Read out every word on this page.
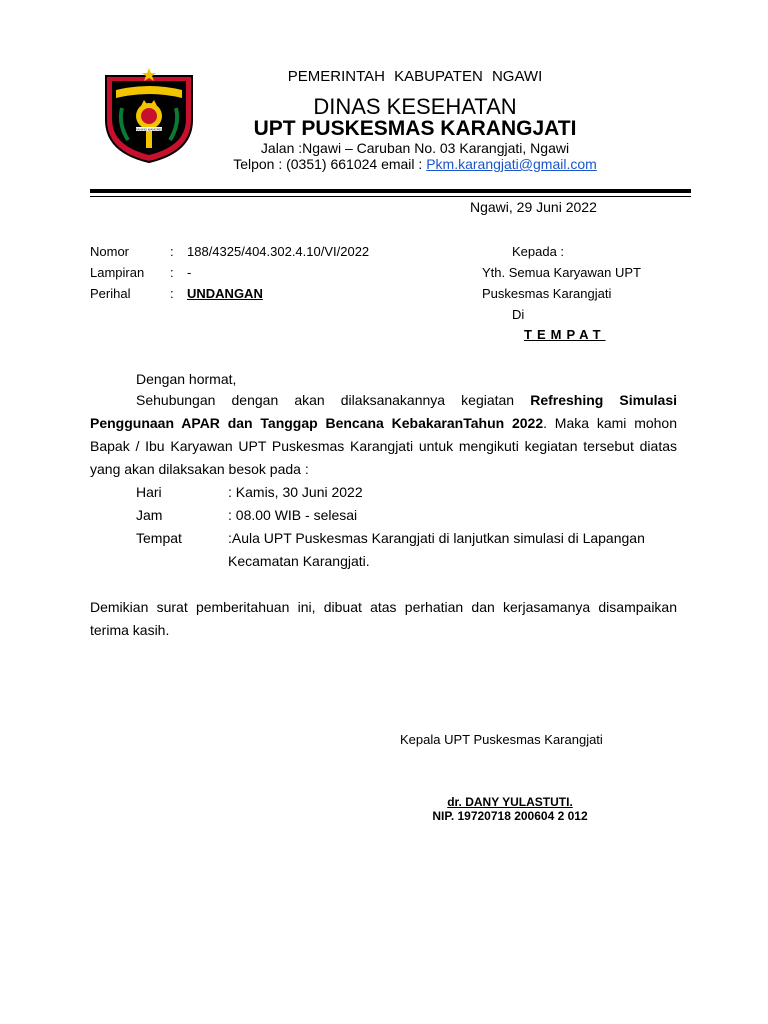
ORANING MANGRESA
PEMERINTAH KABUPATEN NGAWI
DINAS KESEHATAN
UPT PUSKESMAS KARANGJATI
Jalan :Ngawi – Caruban No. 03 Karangjati, Ngawi
Telpon : (0351) 661024 email : Pkm.karangjati@gmail.com
Ngawi, 29 Juni 2022
Nomor	: 188/4325/404.302.4.10/VI/2022
Lampiran : -
Perihal	: UNDANGAN
Kepada :
Yth. Semua Karyawan UPT
Puskesmas Karangjati
Di
TEMPAT
Dengan hormat,
Sehubungan dengan akan dilaksanakannya kegiatan Refreshing Simulasi Penggunaan APAR dan Tanggap Bencana KebakaranTahun 2022. Maka kami mohon Bapak / Ibu Karyawan UPT Puskesmas Karangjati untuk mengikuti kegiatan tersebut diatas yang akan dilaksakan besok pada :
Hari	: Kamis, 30 Juni 2022
Jam	: 08.00 WIB - selesai
Tempat	:Aula UPT Puskesmas Karangjati di lanjutkan simulasi di Lapangan
Kecamatan Karangjati.
Demikian surat pemberitahuan ini, dibuat atas perhatian dan kerjasamanya disampaikan terima kasih.
Kepala UPT Puskesmas Karangjati
dr. DANY YULASTUTI.
NIP. 19720718 200604 2 012
